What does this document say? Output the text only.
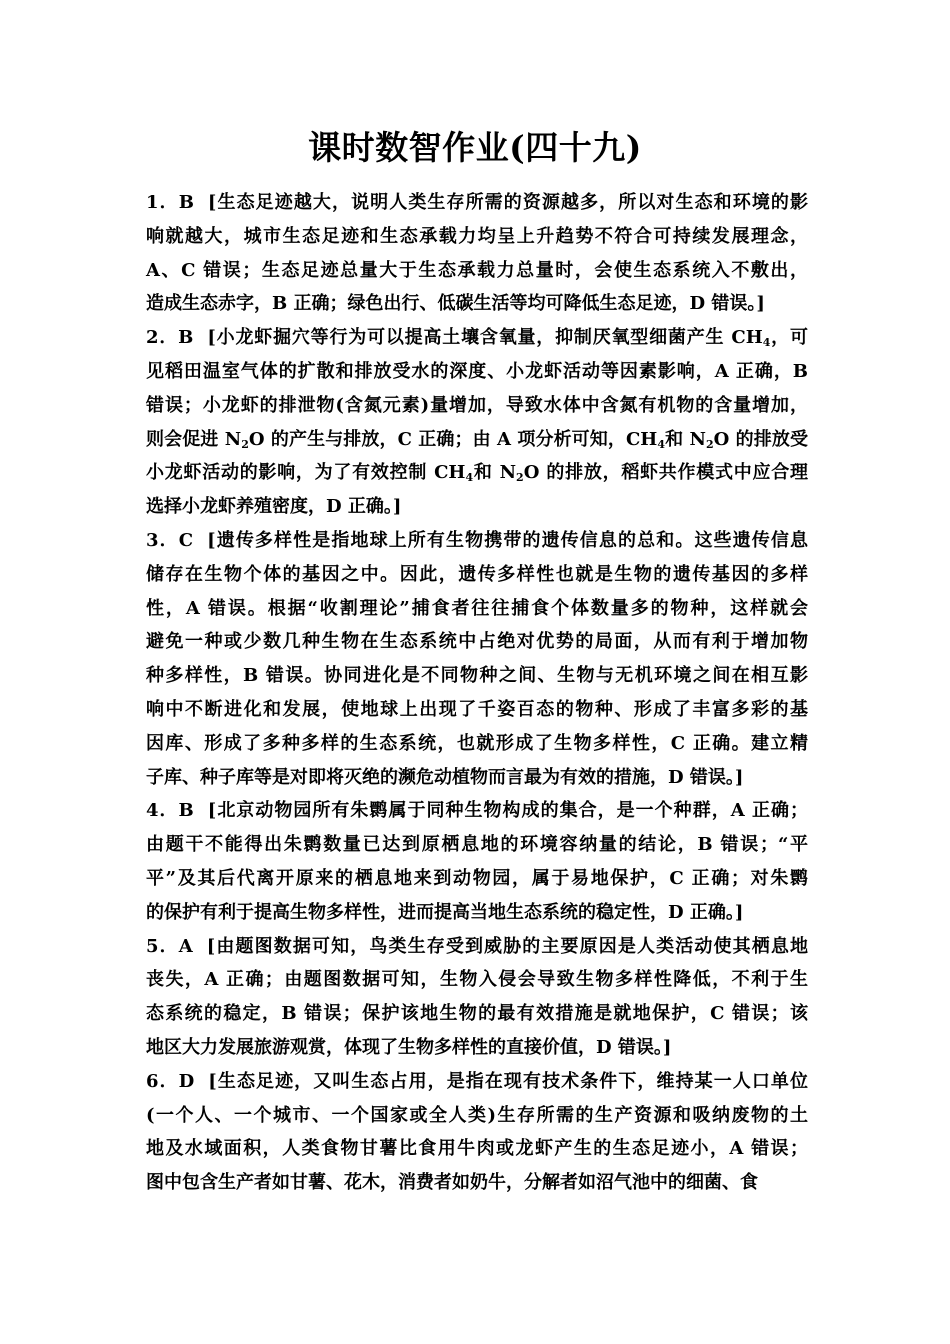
课时数智作业(四十九)
1．B [生态足迹越大，说明人类生存所需的资源越多，所以对生态和环境的影
响就越大，城市生态足迹和生态承载力均呈上升趋势不符合可持续发展理念，
A、C 错误；生态足迹总量大于生态承载力总量时，会使生态系统入不敷出，
造成生态赤字，B 正确；绿色出行、低碳生活等均可降低生态足迹，D 错误。]
2．B [小龙虾掘穴等行为可以提高土壤含氧量，抑制厌氧型细菌产生 $CH_4$，可
见稻田温室气体的扩散和排放受水的深度、小龙虾活动等因素影响，A 正确，B
错误；小龙虾的排泄物(含氮元素)量增加，导致水体中含氮有机物的含量增加，
则会促进 $N_2O$ 的产生与排放，C 正确；由 A 项分析可知，$CH_4$和 $N_2O$ 的排放受
小龙虾活动的影响，为了有效控制 $CH_4$和 $N_2O$ 的排放，稻虾共作模式中应合理
选择小龙虾养殖密度，D 正确。]
3．C [遗传多样性是指地球上所有生物携带的遗传信息的总和。这些遗传信息
储存在生物个体的基因之中。因此，遗传多样性也就是生物的遗传基因的多样
性，A 错误。根据“收割理论”捕食者往往捕食个体数量多的物种，这样就会
避免一种或少数几种生物在生态系统中占绝对优势的局面，从而有利于增加物
种多样性，B 错误。协同进化是不同物种之间、生物与无机环境之间在相互影
响中不断进化和发展，使地球上出现了千姿百态的物种、形成了丰富多彩的基
因库、形成了多种多样的生态系统，也就形成了生物多样性，C 正确。建立精
子库、种子库等是对即将灭绝的濒危动植物而言最为有效的措施，D 错误。]
4．B [北京动物园所有朱鹮属于同种生物构成的集合，是一个种群，A 正确；
由题干不能得出朱鹮数量已达到原栖息地的环境容纳量的结论，B 错误；“平
平”及其后代离开原来的栖息地来到动物园，属于易地保护，C 正确；对朱鹮
的保护有利于提高生物多样性，进而提高当地生态系统的稳定性，D 正确。]
5．A [由题图数据可知，鸟类生存受到威胁的主要原因是人类活动使其栖息地
丧失，A 正确；由题图数据可知，生物入侵会导致生物多样性降低，不利于生
态系统的稳定，B 错误；保护该地生物的最有效措施是就地保护，C 错误；该
地区大力发展旅游观赏，体现了生物多样性的直接价值，D 错误。]
6．D [生态足迹，又叫生态占用，是指在现有技术条件下，维持某一人口单位
(一个人、一个城市、一个国家或全人类)生存所需的生产资源和吸纳废物的土
地及水域面积，人类食物甘薯比食用牛肉或龙虾产生的生态足迹小，A 错误；
图中包含生产者如甘薯、花木，消费者如奶牛，分解者如沼气池中的细菌、食
